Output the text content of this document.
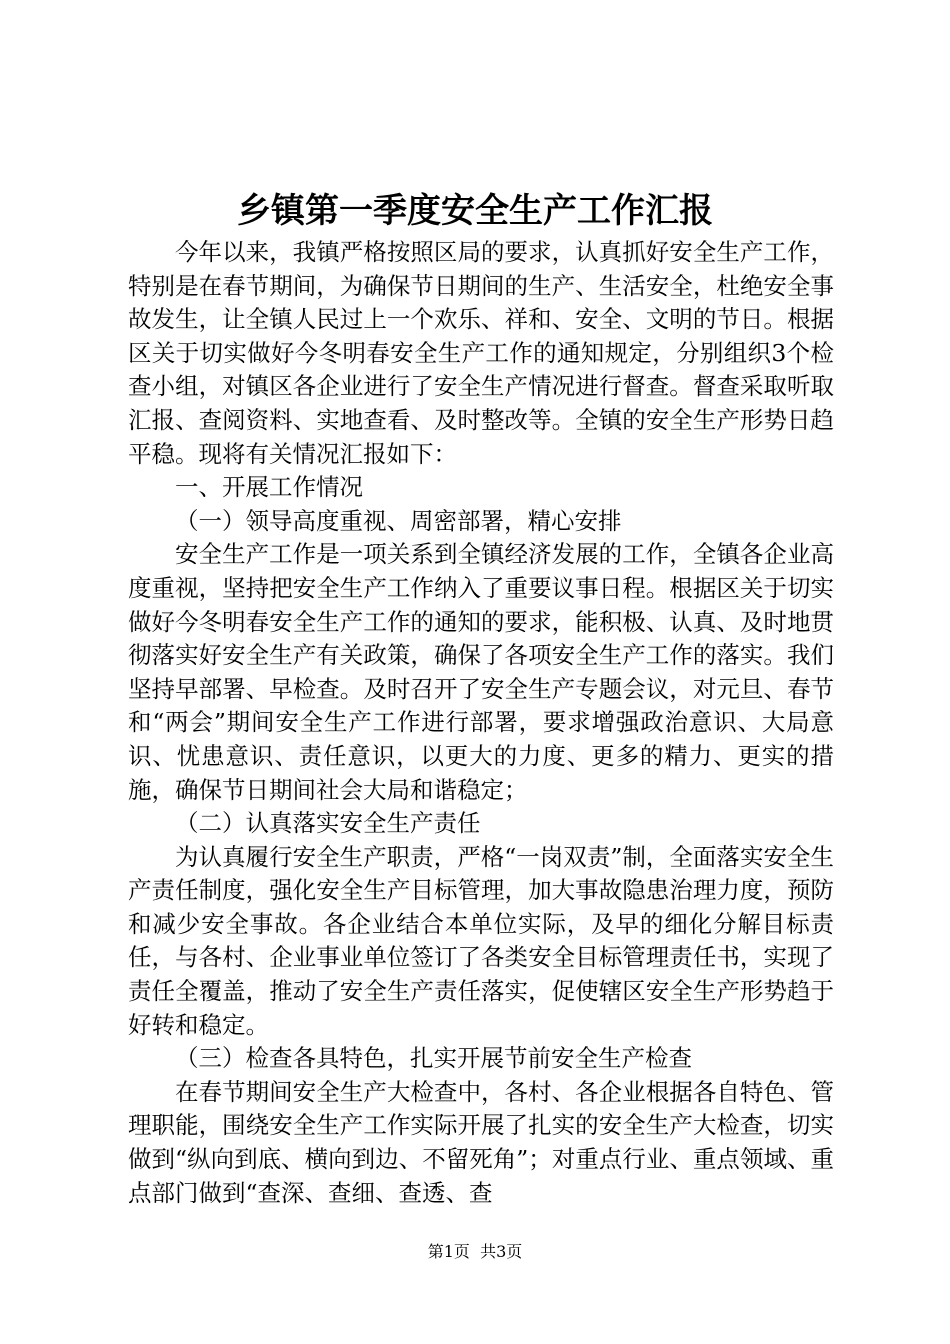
乡镇第一季度安全生产工作汇报

今年以来，我镇严格按照区局的要求，认真抓好安全生产工作，特别是在春节期间，为确保节日期间的生产、生活安全，杜绝安全事故发生，让全镇人民过上一个欢乐、祥和、安全、文明的节日。根据区关于切实做好今冬明春安全生产工作的通知规定，分别组织3个检查小组，对镇区各企业进行了安全生产情况进行督查。督查采取听取汇报、查阅资料、实地查看、及时整改等。全镇的安全生产形势日趋平稳。现将有关情况汇报如下：

一、开展工作情况

（一）领导高度重视、周密部署，精心安排

安全生产工作是一项关系到全镇经济发展的工作，全镇各企业高度重视，坚持把安全生产工作纳入了重要议事日程。根据区关于切实做好今冬明春安全生产工作的通知的要求，能积极、认真、及时地贯彻落实好安全生产有关政策，确保了各项安全生产工作的落实。我们坚持早部署、早检查。及时召开了安全生产专题会议，对元旦、春节和“两会”期间安全生产工作进行部署，要求增强政治意识、大局意识、忧患意识、责任意识，以更大的力度、更多的精力、更实的措施，确保节日期间社会大局和谐稳定；

（二）认真落实安全生产责任

为认真履行安全生产职责，严格“一岗双责”制，全面落实安全生产责任制度，强化安全生产目标管理，加大事故隐患治理力度，预防和减少安全事故。各企业结合本单位实际，及早的细化分解目标责任，与各村、企业事业单位签订了各类安全目标管理责任书，实现了责任全覆盖，推动了安全生产责任落实，促使辖区安全生产形势趋于好转和稳定。

（三）检查各具特色，扎实开展节前安全生产检查

在春节期间安全生产大检查中，各村、各企业根据各自特色、管理职能，围绕安全生产工作实际开展了扎实的安全生产大检查，切实做到“纵向到底、横向到边、不留死角”；对重点行业、重点领域、重点部门做到“查深、查细、查透、查

第1页  共3页
